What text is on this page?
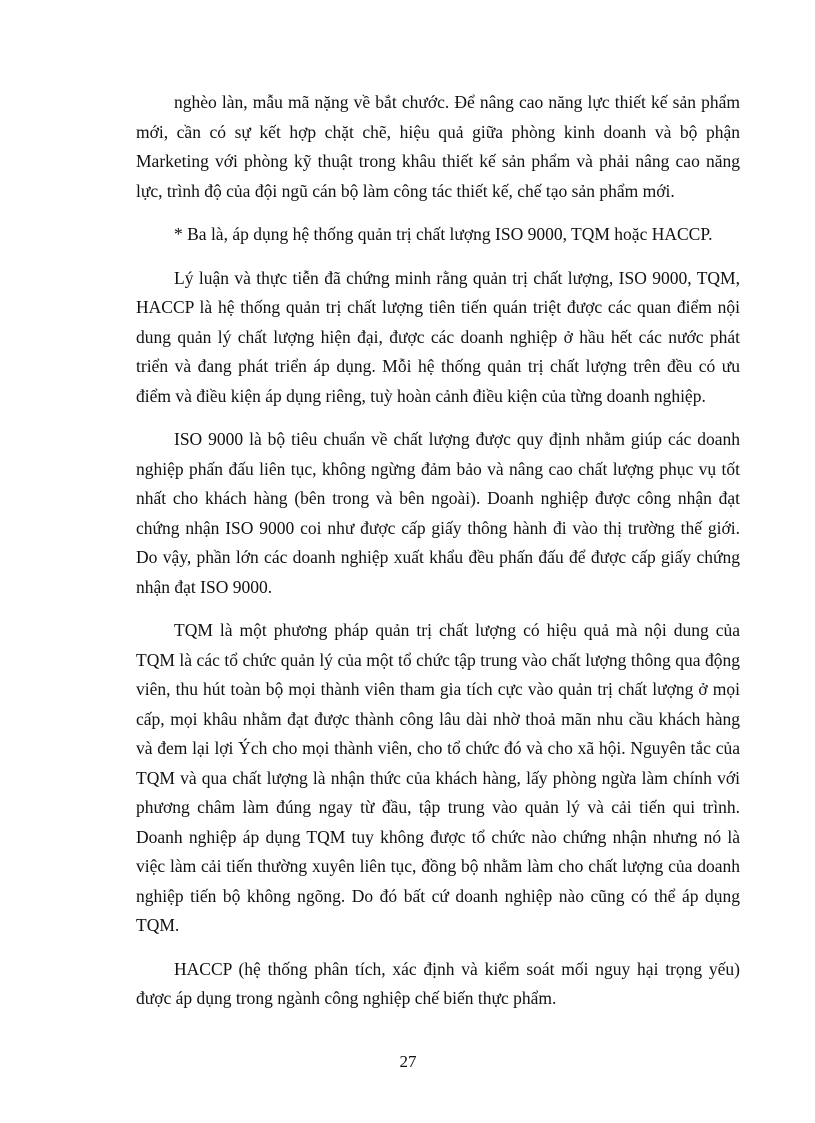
nghèo làn, mẫu mã nặng về bắt chước. Để nâng cao năng lực thiết kế sản phẩm mới, cần có sự kết hợp chặt chẽ, hiệu quả giữa phòng kinh doanh và bộ phận Marketing với phòng kỹ thuật trong khâu thiết kế sản phẩm và phải nâng cao năng lực, trình độ của đội ngũ cán bộ làm công tác thiết kế, chế tạo sản phẩm mới.

* Ba là, áp dụng hệ thống quản trị chất lượng ISO 9000, TQM hoặc HACCP.

Lý luận và thực tiễn đã chứng minh rằng quản trị chất lượng, ISO 9000, TQM, HACCP là hệ thống quản trị chất lượng tiên tiến quán triệt được các quan điểm nội dung quản lý chất lượng hiện đại, được các doanh nghiệp ở hầu hết các nước phát triển và đang phát triển áp dụng. Mỗi hệ thống quản trị chất lượng trên đều có ưu điểm và điều kiện áp dụng riêng, tuỳ hoàn cảnh điều kiện của từng doanh nghiệp.

ISO 9000 là bộ tiêu chuẩn về chất lượng được quy định nhằm giúp các doanh nghiệp phấn đấu liên tục, không ngừng đảm bảo và nâng cao chất lượng phục vụ tốt nhất cho khách hàng (bên trong và bên ngoài). Doanh nghiệp được công nhận đạt chứng nhận ISO 9000 coi như được cấp giấy thông hành đi vào thị trường thế giới. Do vậy, phần lớn các doanh nghiệp xuất khẩu đều phấn đấu để được cấp giấy chứng nhận đạt ISO 9000.

TQM là một phương pháp quản trị chất lượng có hiệu quả mà nội dung của TQM là các tổ chức quản lý của một tổ chức tập trung vào chất lượng thông qua động viên, thu hút toàn bộ mọi thành viên tham gia tích cực vào quản trị chất lượng ở mọi cấp, mọi khâu nhằm đạt được thành công lâu dài nhờ thoả mãn nhu cầu khách hàng và đem lại lợi Ých cho mọi thành viên, cho tổ chức đó và cho xã hội. Nguyên tắc của TQM và qua chất lượng là nhận thức của khách hàng, lấy phòng ngừa làm chính với phương châm làm đúng ngay từ đầu, tập trung vào quản lý và cải tiến qui trình. Doanh nghiệp áp dụng TQM tuy không được tổ chức nào chứng nhận nhưng nó là việc làm cải tiến thường xuyên liên tục, đồng bộ nhằm làm cho chất lượng của doanh nghiệp tiến bộ không ngõng. Do đó bất cứ doanh nghiệp nào cũng có thể áp dụng TQM.

HACCP (hệ thống phân tích, xác định và kiểm soát mối nguy hại trọng yếu) được áp dụng trong ngành công nghiệp chế biến thực phẩm.

27
